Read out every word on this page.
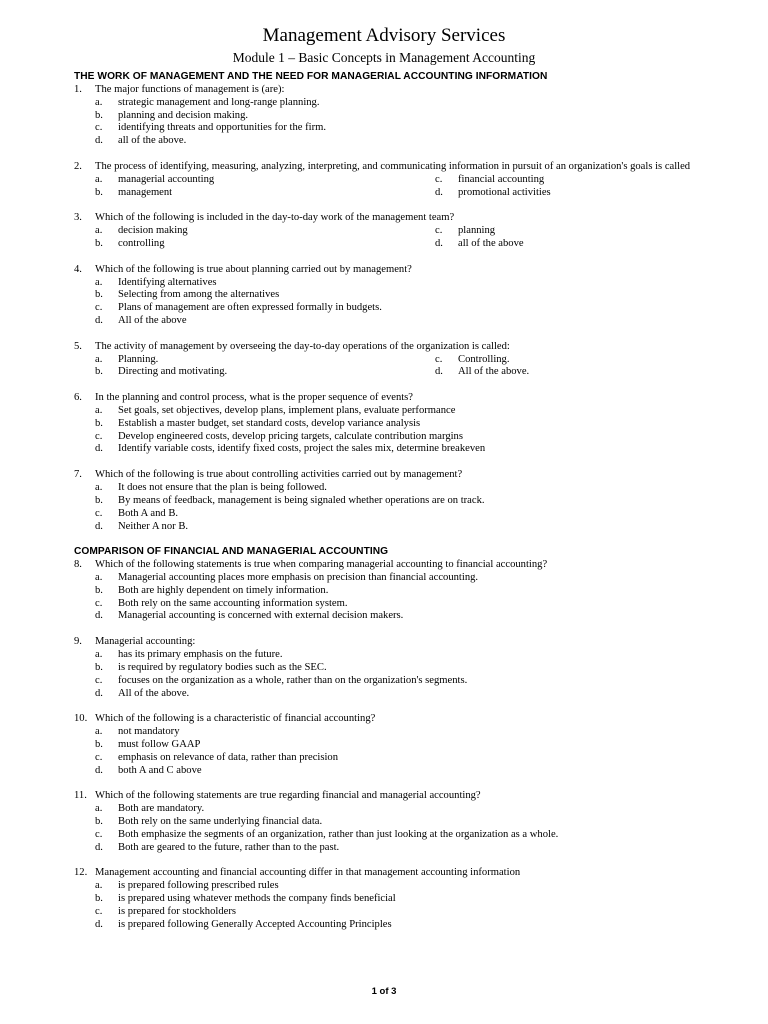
Management Advisory Services
Module 1 – Basic Concepts in Management Accounting
THE WORK OF MANAGEMENT AND THE NEED FOR MANAGERIAL ACCOUNTING INFORMATION
1.	The major functions of management is (are):
a.	strategic management and long-range planning.
b.	planning and decision making.
c.	identifying threats and opportunities for the firm.
d.	all of the above.
2.	The process of identifying, measuring, analyzing, interpreting, and communicating information in pursuit of an organization's goals is called
a.	managerial accounting	c.	financial accounting
b.	management	d.	promotional activities
3.	Which of the following is included in the day-to-day work of the management team?
a.	decision making	c.	planning
b.	controlling	d.	all of the above
4.	Which of the following is true about planning carried out by management?
a.	Identifying alternatives
b.	Selecting from among the alternatives
c.	Plans of management are often expressed formally in budgets.
d.	All of the above
5.	The activity of management by overseeing the day-to-day operations of the organization is called:
a.	Planning.	c.	Controlling.
b.	Directing and motivating.	d.	All of the above.
6.	In the planning and control process, what is the proper sequence of events?
a.	Set goals, set objectives, develop plans, implement plans, evaluate performance
b.	Establish a master budget, set standard costs, develop variance analysis
c.	Develop engineered costs, develop pricing targets, calculate contribution margins
d.	Identify variable costs, identify fixed costs, project the sales mix, determine breakeven
7.	Which of the following is true about controlling activities carried out by management?
a.	It does not ensure that the plan is being followed.
b.	By means of feedback, management is being signaled whether operations are on track.
c.	Both A and B.
d.	Neither A nor B.
COMPARISON OF FINANCIAL AND MANAGERIAL ACCOUNTING
8.	Which of the following statements is true when comparing managerial accounting to financial accounting?
a.	Managerial accounting places more emphasis on precision than financial accounting.
b.	Both are highly dependent on timely information.
c.	Both rely on the same accounting information system.
d.	Managerial accounting is concerned with external decision makers.
9.	Managerial accounting:
a.	has its primary emphasis on the future.
b.	is required by regulatory bodies such as the SEC.
c.	focuses on the organization as a whole, rather than on the organization's segments.
d.	All of the above.
10. Which of the following is a characteristic of financial accounting?
a.	not mandatory
b.	must follow GAAP
c.	emphasis on relevance of data, rather than precision
d.	both A and C above
11. Which of the following statements are true regarding financial and managerial accounting?
a.	Both are mandatory.
b.	Both rely on the same underlying financial data.
c.	Both emphasize the segments of an organization, rather than just looking at the organization as a whole.
d.	Both are geared to the future, rather than to the past.
12. Management accounting and financial accounting differ in that management accounting information
a.	is prepared following prescribed rules
b.	is prepared using whatever methods the company finds beneficial
c.	is prepared for stockholders
d.	is prepared following Generally Accepted Accounting Principles
1 of 3
